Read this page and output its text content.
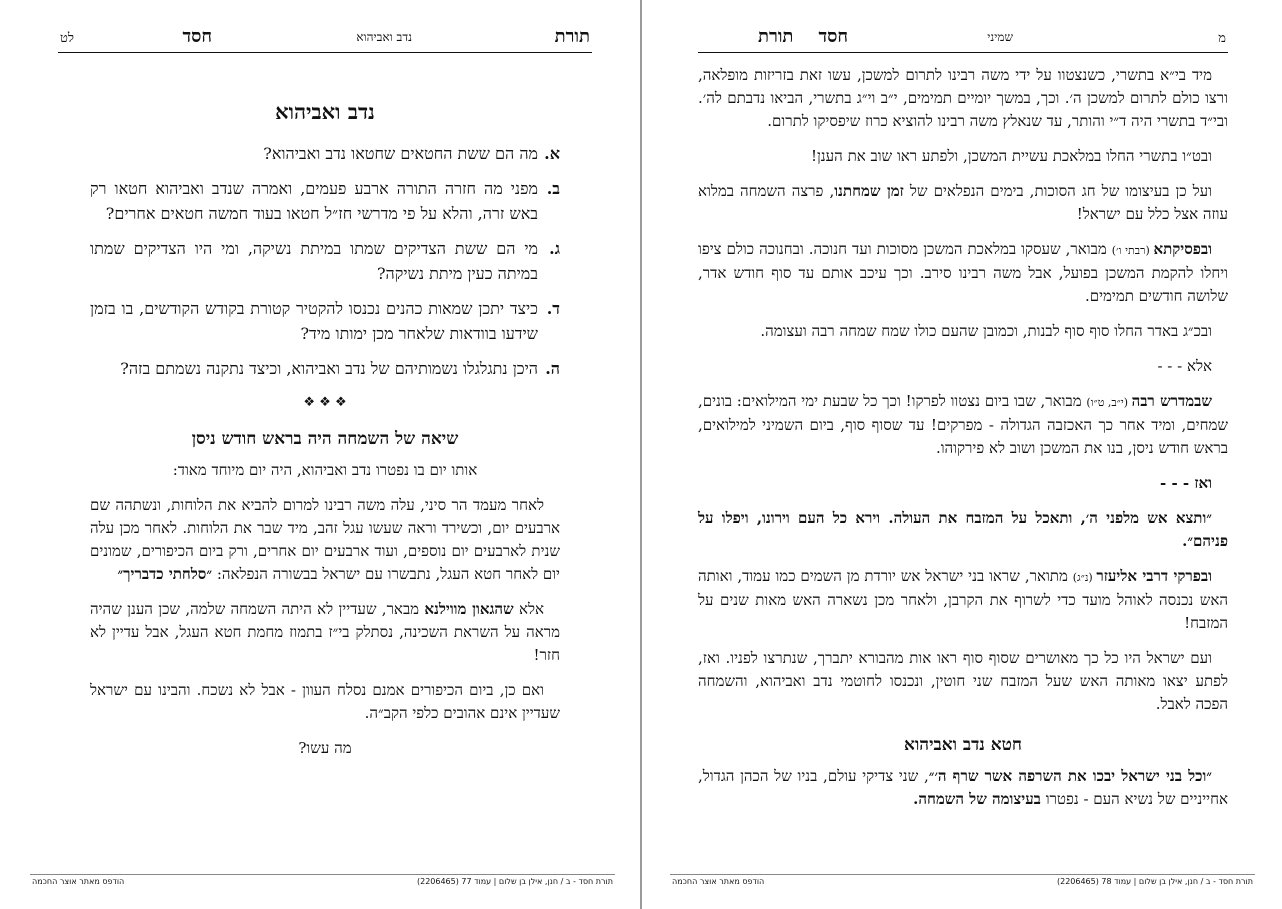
תורת
נדב ואביהוא
חסד
לט
נדב ואביהוא
א.
מה הם ששת החטאים שחטאו נדב ואביהוא?
ב.
מפני מה חזרה התורה ארבע פעמים, ואמרה שנדב ואביהוא חטאו רק באש זרה, והלא על פי מדרשי חז״ל חטאו בעוד חמשה חטאים אחרים?
ג.
מי הם ששת הצדיקים שמתו במיתת נשיקה, ומי היו הצדיקים שמתו במיתה כעין מיתת נשיקה?
ד.
כיצד יתכן שמאות כהנים נכנסו להקטיר קטורת בקודש הקודשים, בו בזמן שידעו בוודאות שלאחר מכן ימותו מיד?
ה.
היכן נתגלגלו נשמותיהם של נדב ואביהוא, וכיצד נתקנה נשמתם בזה?
❖ ❖ ❖
שיאה של השמחה היה בראש חודש ניסן

אותו יום בו נפטרו נדב ואביהוא, היה יום מיוחד מאוד:

לאחר מעמד הר סיני, עלה משה רבינו למרום להביא את הלוחות, ונשתהה שם ארבעים יום, וכשירד וראה שעשו עגל זהב, מיד שבר את הלוחות. לאחר מכן עלה שנית לארבעים יום נוספים, ועוד ארבעים יום אחרים, ורק ביום הכיפורים, שמונים יום לאחר חטא העגל, נתבשרו עם ישראל בבשורה הנפלאה: ״סלחתי כדבריך״

אלא שהגאון מווילנא מבאר, שעדיין לא היתה השמחה שלמה, שכן הענן שהיה מראה על השראת השכינה, נסתלק בי״ז בתמוז מחמת חטא העגל, אבל עדיין לא חזר!

ואם כן, ביום הכיפורים אמנם נסלח העוון - אבל לא נשכח. והבינו עם ישראל שעדיין אינם אהובים כלפי הקב״ה.

מה עשו?
תורת חסד - ב / חנן, אילן בן שלום | עמוד 77 (2206465)
הודפס מאתר אוצר החכמה
תורת	שמיני
חסד	מ

מיד בי״א בתשרי, כשנצטוו על ידי משה רבינו לתרום למשכן, עשו זאת בזריזות מופלאה, ורצו כולם לתרום למשכן ה׳. וכך, במשך יומיים תמימים, י״ב וי״ג בתשרי, הביאו נדבתם לה׳. ובי״ד בתשרי היה ד״י והותר, עד שנאלץ משה רבינו להוציא כרוז שיפסיקו לתרום.

ובט״ו בתשרי החלו במלאכת עשיית המשכן, ולפתע ראו שוב את הענן!

ועל כן בעיצומו של חג הסוכות, בימים הנפלאים של זמן שמחתנו, פרצה השמחה במלוא עוזה אצל כלל עם ישראל!

ובפסיקתא (רבתי ו׳) מבואר, שעסקו במלאכת המשכן מסוכות ועד חנוכה. ובחנוכה כולם ציפו ויחלו להקמת המשכן בפועל, אבל משה רבינו סירב. וכך עיכב אותם עד סוף חודש אדר, שלושה חודשים תמימים.

ובכ״ג באדר החלו סוף סוף לבנות, וכמובן שהעם כולו שמח שמחה רבה ועצומה.

אלא - - -

שבמדרש רבה (י״ב, ט״ו) מבואר, שבו ביום נצטוו לפרקו! וכך כל שבעת ימי המילואים: בונים, שמחים, ומיד אחר כך האכזבה הגדולה - מפרקים! עד שסוף סוף, ביום השמיני למילואים, בראש חודש ניסן, בנו את המשכן ושוב לא פירקוהו.

ואז - - -

״ותצא אש מלפני ה׳, ותאכל על המזבח את העולה. וירא כל העם וירונו, ויפלו על פניהם״.

ובפרקי דרבי אליעזר (נ״ג) מתואר, שראו בני ישראל אש יורדת מן השמים כמו עמוד, ואותה האש נכנסה לאוהל מועד כדי לשרוף את הקרבן, ולאחר מכן נשארה האש מאות שנים על המזבח!

ועם ישראל היו כל כך מאושרים שסוף סוף ראו אות מהבורא יתברך, שנתרצו לפניו. ואז, לפתע יצאו מאותה האש שעל המזבח שני חוטין, ונכנסו לחוטמי נדב ואביהוא, והשמחה הפכה לאבל.

חטא נדב ואביהוא

״וכל בני ישראל יבכו את השרפה אשר שרף ה׳״, שני צדיקי עולם, בניו של הכהן הגדול, אחייניים של נשיא העם - נפטרו בעיצומה של השמחה.

תורת חסד - ב / חנן, אילן בן שלום | עמוד 78 (2206465)
הודפס מאתר אוצר החכמה
